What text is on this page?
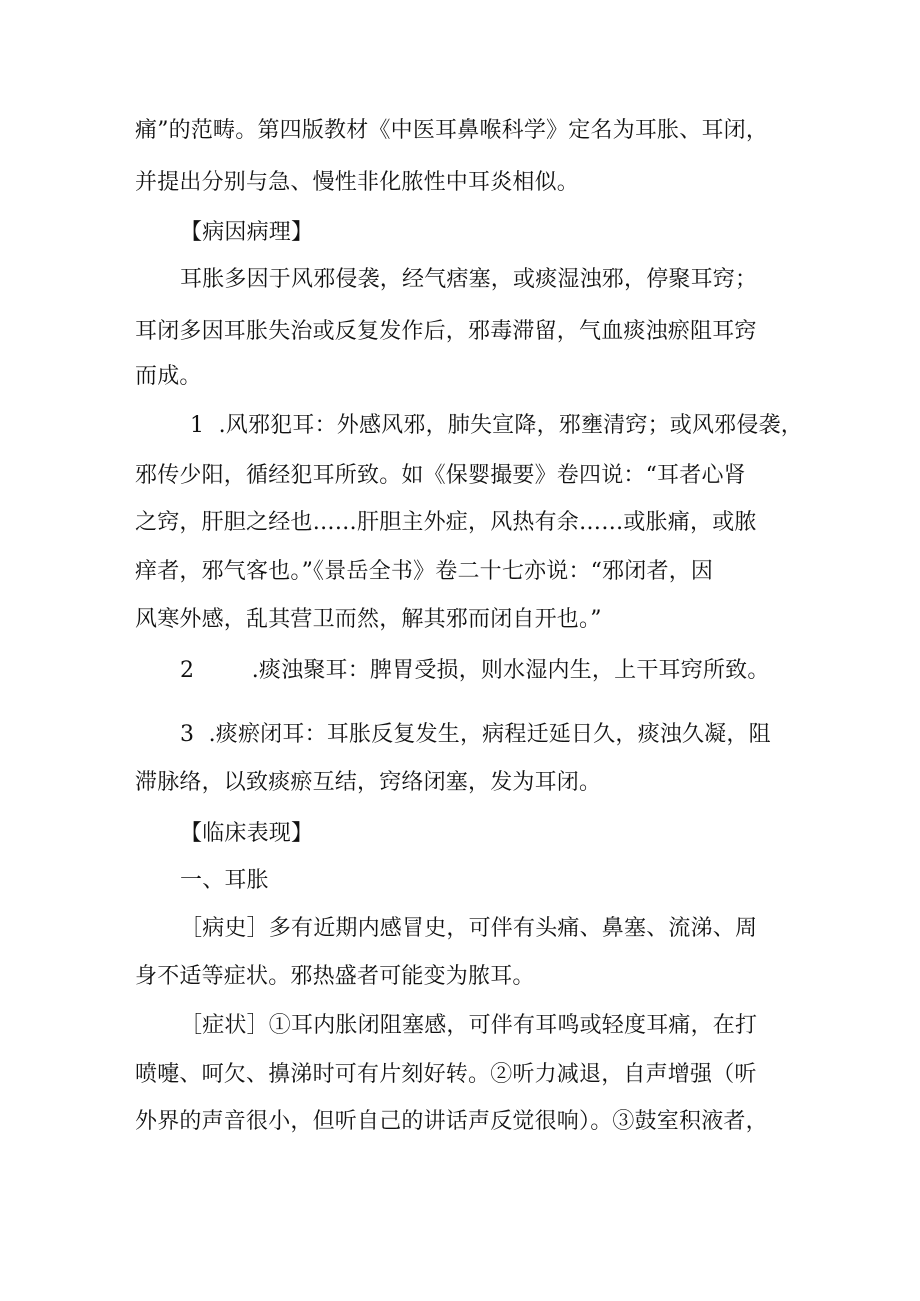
痛”的范畴。第四版教材《中医耳鼻喉科学》定名为耳胀、耳闭，
并提出分别与急、慢性非化脓性中耳炎相似。
【病因病理】
耳胀多因于风邪侵袭，经气痞塞，或痰湿浊邪，停聚耳窍；
耳闭多因耳胀失治或反复发作后，邪毒滞留，气血痰浊瘀阻耳窍
而成。
1  .风邪犯耳：外感风邪，肺失宣降，邪壅清窍；或风邪侵袭，
邪传少阳，循经犯耳所致。如《保婴撮要》卷四说：“耳者心肾
之窍，肝胆之经也……肝胆主外症，风热有余……或胀痛，或脓
痒者，邪气客也。”《景岳全书》卷二十七亦说：“邪闭者，因
风寒外感，乱其营卫而然，解其邪而闭自开也。”
2        .痰浊聚耳：脾胃受损，则水湿内生，上干耳窍所致。
3  .痰瘀闭耳：耳胀反复发生，病程迁延日久，痰浊久凝，阻
滞脉络，以致痰瘀互结，窍络闭塞，发为耳闭。
【临床表现】
一、耳胀
［病史］多有近期内感冒史，可伴有头痛、鼻塞、流涕、周
身不适等症状。邪热盛者可能变为脓耳。
［症状］①耳内胀闭阻塞感，可伴有耳鸣或轻度耳痛，在打
喷嚏、呵欠、擤涕时可有片刻好转。②听力减退，自声增强（听
外界的声音很小，但听自己的讲话声反觉很响）。③鼓室积液者，
